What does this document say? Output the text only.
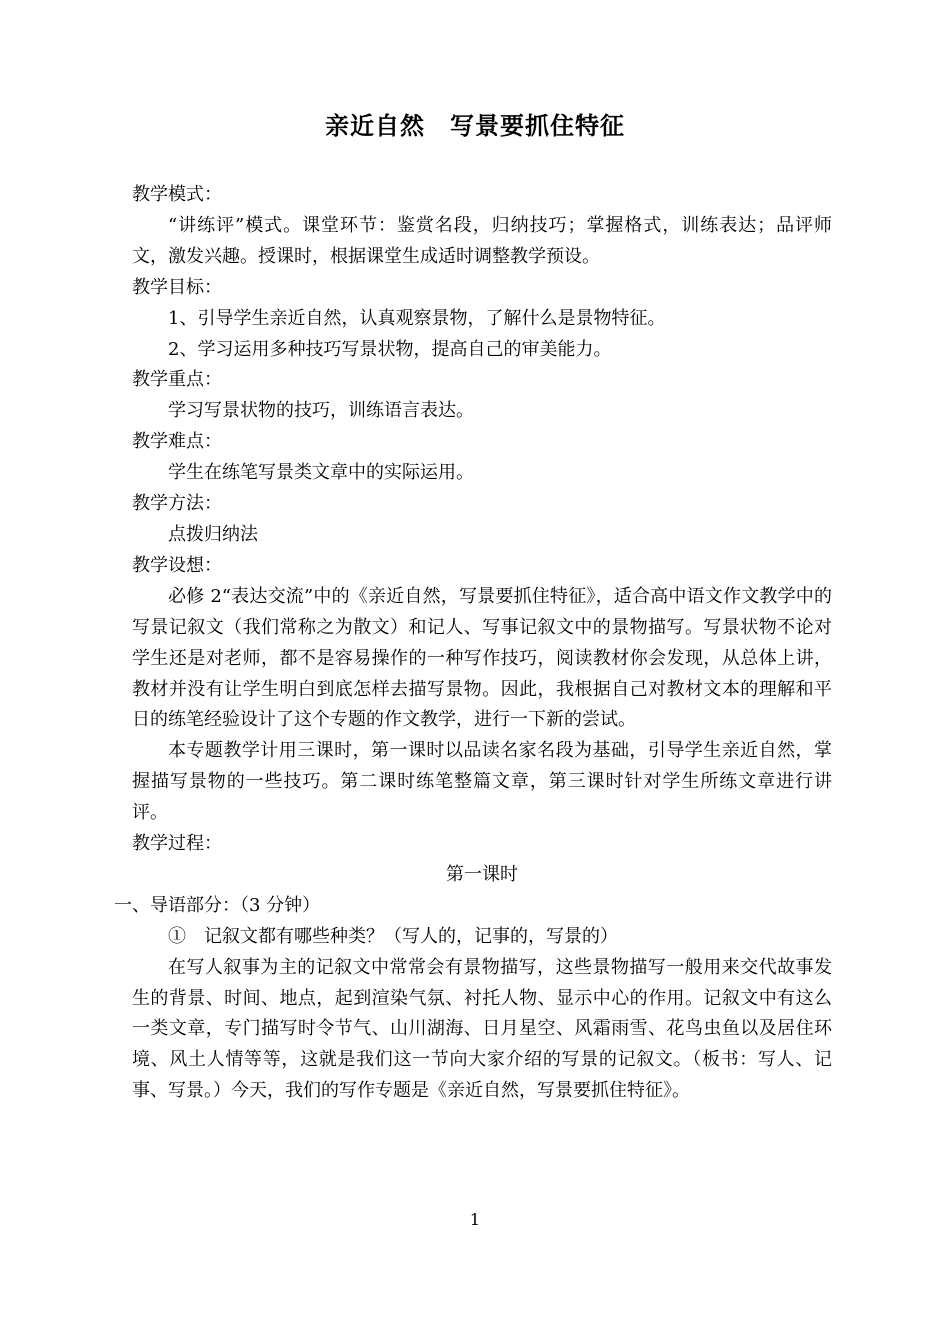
亲近自然　写景要抓住特征

教学模式：

“讲练评”模式。课堂环节：鉴赏名段，归纳技巧；掌握格式，训练表达；品评师文，激发兴趣。授课时，根据课堂生成适时调整教学预设。

教学目标：

1、引导学生亲近自然，认真观察景物，了解什么是景物特征。

2、学习运用多种技巧写景状物，提高自己的审美能力。

教学重点：

学习写景状物的技巧，训练语言表达。

教学难点：

学生在练笔写景类文章中的实际运用。

教学方法：

点拨归纳法

教学设想：

必修 2“表达交流”中的《亲近自然，写景要抓住特征》，适合高中语文作文教学中的写景记叙文（我们常称之为散文）和记人、写事记叙文中的景物描写。写景状物不论对学生还是对老师，都不是容易操作的一种写作技巧，阅读教材你会发现，从总体上讲，教材并没有让学生明白到底怎样去描写景物。因此，我根据自己对教材文本的理解和平日的练笔经验设计了这个专题的作文教学，进行一下新的尝试。

本专题教学计用三课时，第一课时以品读名家名段为基础，引导学生亲近自然，掌握描写景物的一些技巧。第二课时练笔整篇文章，第三课时针对学生所练文章进行讲评。

教学过程：

第一课时

一、导语部分：（3 分钟）

①　记叙文都有哪些种类？（写人的，记事的，写景的）

在写人叙事为主的记叙文中常常会有景物描写，这些景物描写一般用来交代故事发生的背景、时间、地点，起到渲染气氛、衬托人物、显示中心的作用。记叙文中有这么一类文章，专门描写时令节气、山川湖海、日月星空、风霜雨雪、花鸟虫鱼以及居住环境、风土人情等等，这就是我们这一节向大家介绍的写景的记叙文。（板书：写人、记事、写景。）今天，我们的写作专题是《亲近自然，写景要抓住特征》。

1
